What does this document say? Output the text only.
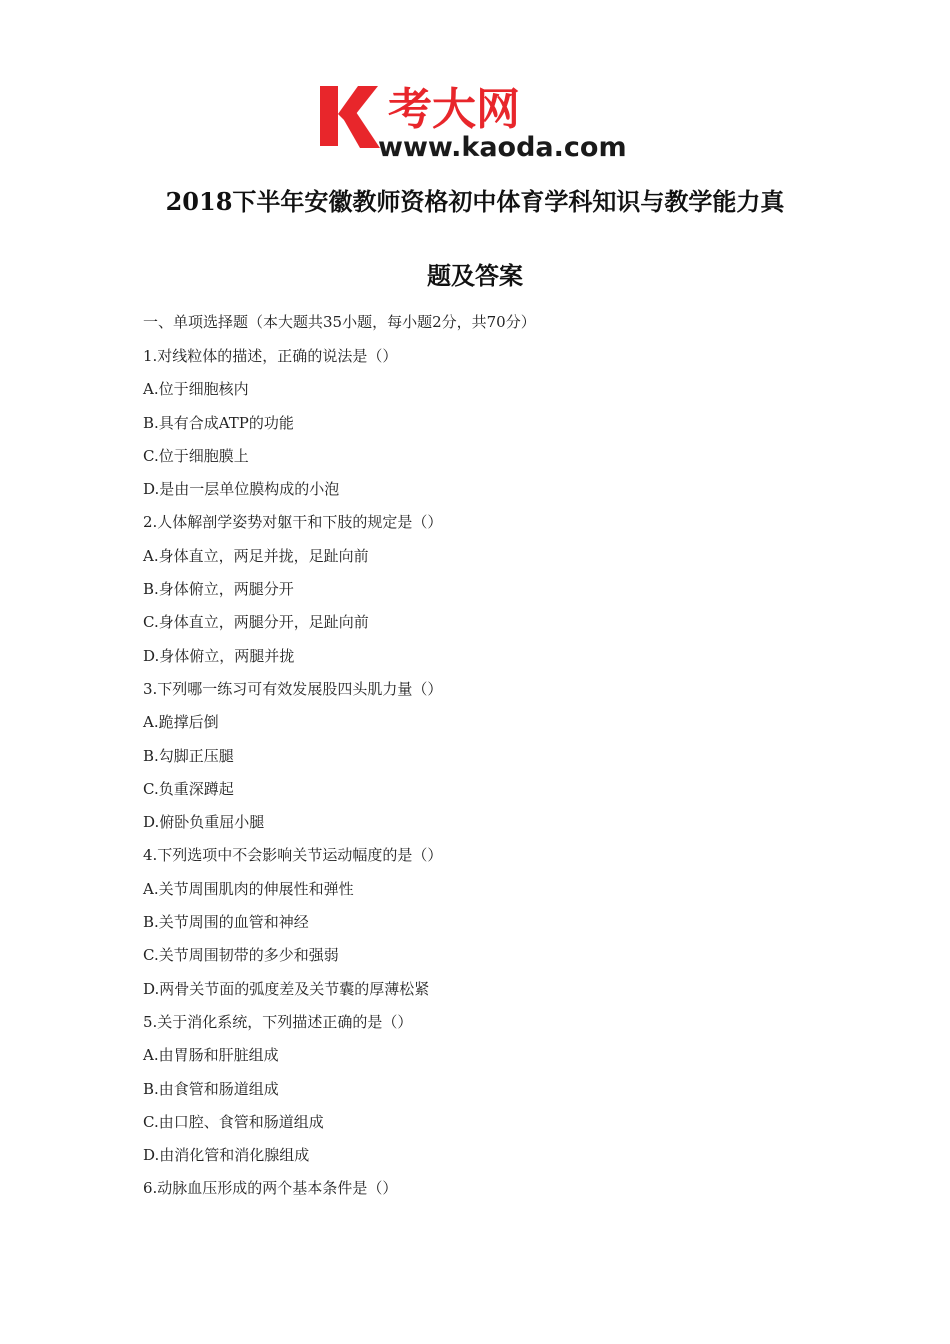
考大网
www.kaoda.com
2018下半年安徽教师资格初中体育学科知识与教学能力真
题及答案
一、单项选择题（本大题共35小题，每小题2分，共70分）
1.对线粒体的描述，正确的说法是（）
A.位于细胞核内
B.具有合成ATP的功能
C.位于细胞膜上
D.是由一层单位膜构成的小泡
2.人体解剖学姿势对躯干和下肢的规定是（）
A.身体直立，两足并拢，足趾向前
B.身体俯立，两腿分开
C.身体直立，两腿分开，足趾向前
D.身体俯立，两腿并拢
3.下列哪一练习可有效发展股四头肌力量（）
A.跪撑后倒
B.勾脚正压腿
C.负重深蹲起
D.俯卧负重屈小腿
4.下列选项中不会影响关节运动幅度的是（）
A.关节周围肌肉的伸展性和弹性
B.关节周围的血管和神经
C.关节周围韧带的多少和强弱
D.两骨关节面的弧度差及关节囊的厚薄松紧
5.关于消化系统，下列描述正确的是（）
A.由胃肠和肝脏组成
B.由食管和肠道组成
C.由口腔、食管和肠道组成
D.由消化管和消化腺组成
6.动脉血压形成的两个基本条件是（）
